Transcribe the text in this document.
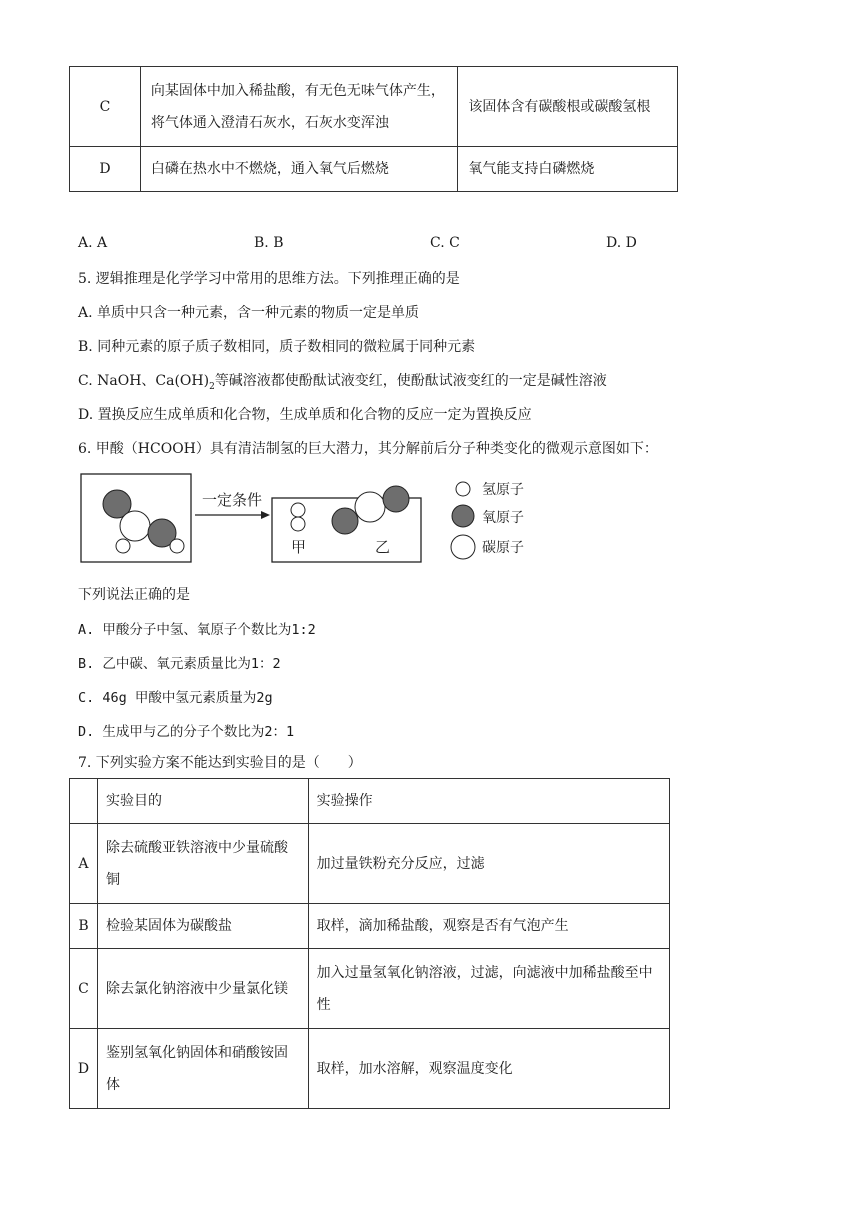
C	向某固体中加入稀盐酸，有无色无味气体产生，将气体通入澄清石灰水，石灰水变浑浊	该固体含有碳酸根或碳酸氢根
D	白磷在热水中不燃烧，通入氧气后燃烧	氧气能支持白磷燃烧
A. A	B. B	C. C	D. D
5. 逻辑推理是化学学习中常用的思维方法。下列推理正确的是
A. 单质中只含一种元素，含一种元素的物质一定是单质
B. 同种元素的原子质子数相同，质子数相同的微粒属于同种元素
C. NaOH、$Ca(OH)_2$等碱溶液都使酚酞试液变红，使酚酞试液变红的一定是碱性溶液
D. 置换反应生成单质和化合物，生成单质和化合物的反应一定为置换反应
6. 甲酸（HCOOH）具有清洁制氢的巨大潜力，其分解前后分子种类变化的微观示意图如下：
一定条件
甲	乙
氢原子
氧原子
碳原子
下列说法正确的是
A. 甲酸分子中氢、氧原子个数比为1:2
B. 乙中碳、氧元素质量比为1：2
C. 46g 甲酸中氢元素质量为2g
D. 生成甲与乙的分子个数比为2：1
7. 下列实验方案不能达到实验目的是（　　）
	实验目的	实验操作
A	除去硫酸亚铁溶液中少量硫酸铜	加过量铁粉充分反应，过滤
B	检验某固体为碳酸盐	取样，滴加稀盐酸，观察是否有气泡产生
C	除去氯化钠溶液中少量氯化镁	加入过量氢氧化钠溶液，过滤，向滤液中加稀盐酸至中性
D	鉴别氢氧化钠固体和硝酸铵固体	取样，加水溶解，观察温度变化
